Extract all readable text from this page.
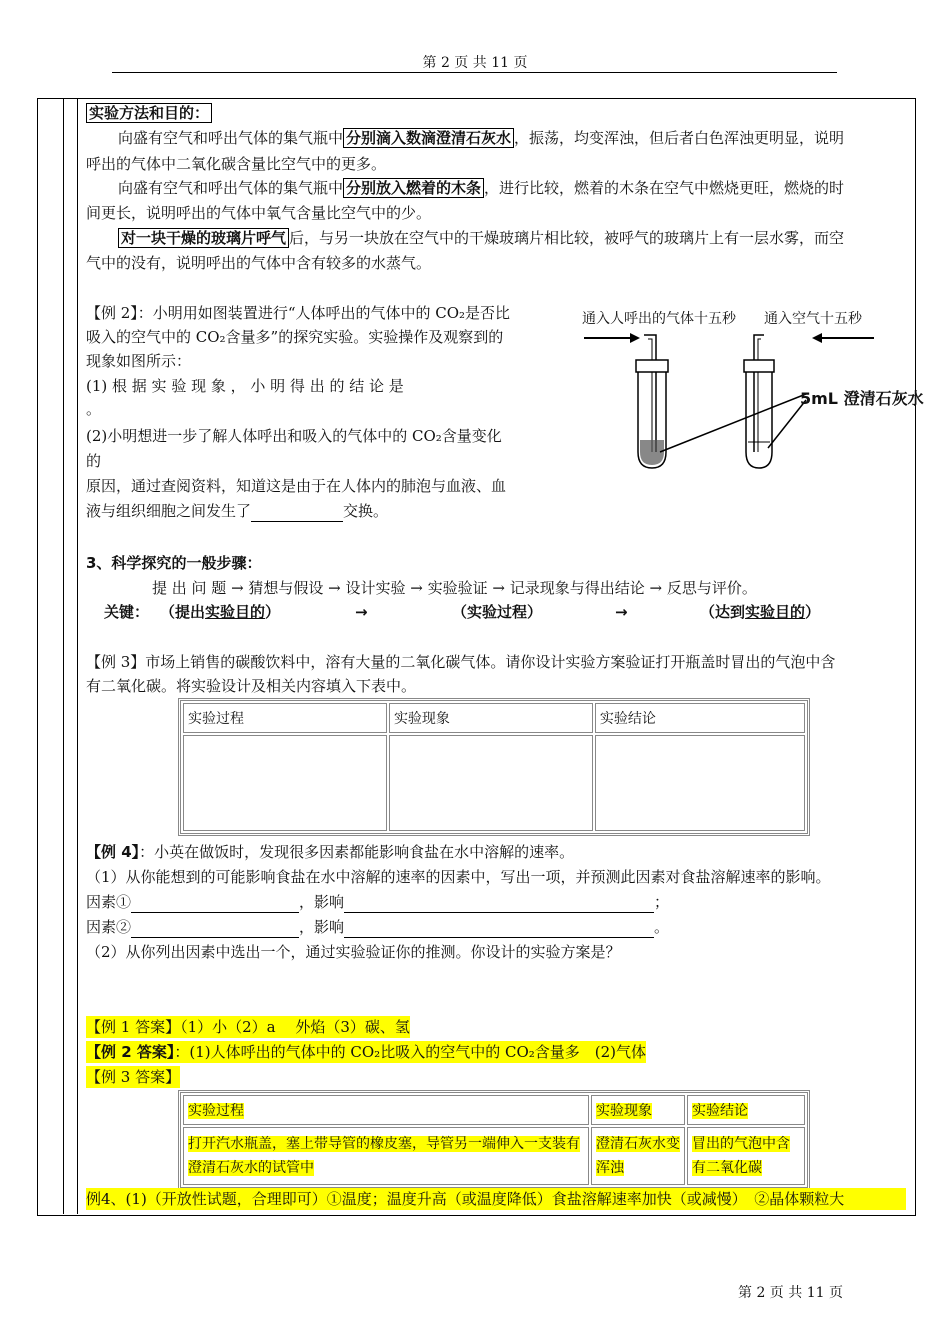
第 2 页 共 11 页
实验方法和目的：
向盛有空气和呼出气体的集气瓶中 分别滴入数滴澄清石灰水 ，振荡，均变浑浊，但后者白色浑浊更明显，说明
呼出的气体中二氧化碳含量比空气中的更多。
向盛有空气和呼出气体的集气瓶中 分别放入燃着的木条 ，进行比较，燃着的木条在空气中燃烧更旺，燃烧的时
间更长，说明呼出的气体中氧气含量比空气中的少。
对一块干燥的玻璃片呼气 后，与另一块放在空气中的干燥玻璃片相比较，被呼气的玻璃片上有一层水雾，而空
气中的没有，说明呼出的气体中含有较多的水蒸气。
【例 2】：小明用如图装置进行“人体呼出的气体中的 CO₂是否比
吸入的空气中的 CO₂含量多”的探究实验。实验操作及观察到的
现象如图所示：
(1) 根 据 实 验 现 象 ， 小 明 得 出 的 结 论 是
。
(2)小明想进一步了解人体呼出和吸入的气体中的 CO₂含量变化
的
原因，通过查阅资料，知道这是由于在人体内的肺泡与血液、血
液与组织细胞之间发生了	交换。
通入人呼出的气体十五秒 通入空气十五秒
5mL 澄清石灰水
3、科学探究的一般步骤：
提 出 问 题 → 猜想与假设 → 设计实验 → 实验验证 → 记录现象与得出结论 → 反思与评价。
关键： （提出实验目的）	→	（实验过程）	→	（达到实验目的）
【例 3】市场上销售的碳酸饮料中，溶有大量的二氧化碳气体。请你设计实验方案验证打开瓶盖时冒出的气泡中含
有二氧化碳。将实验设计及相关内容填入下表中。
实验过程	实验现象	实验结论

【例 4】：小英在做饭时，发现很多因素都能影响食盐在水中溶解的速率。
（1）从你能想到的可能影响食盐在水中溶解的速率的因素中，写出一项，并预测此因素对食盐溶解速率的影响。
因素①	，影响	；
因素②	，影响	。
（2）从你列出因素中选出一个，通过实验验证你的推测。你设计的实验方案是？
【例 1 答案】（1）小（2）a　 外焰（3）碳、氢
【例 2 答案】：(1)人体呼出的气体中的 CO₂比吸入的空气中的 CO₂含量多　(2)气体
【例 3 答案】
实验过程	实验现象	实验结论
打开汽水瓶盖，塞上带导管的橡皮塞，导管另一端伸入一支装有澄清石灰水的试管中	澄清石灰水变浑浊	冒出的气泡中含有二氧化碳
例4、(1)（开放性试题，合理即可）①温度；温度升高（或温度降低）食盐溶解速率加快（或减慢）　②晶体颗粒大
第 2 页 共 11 页
